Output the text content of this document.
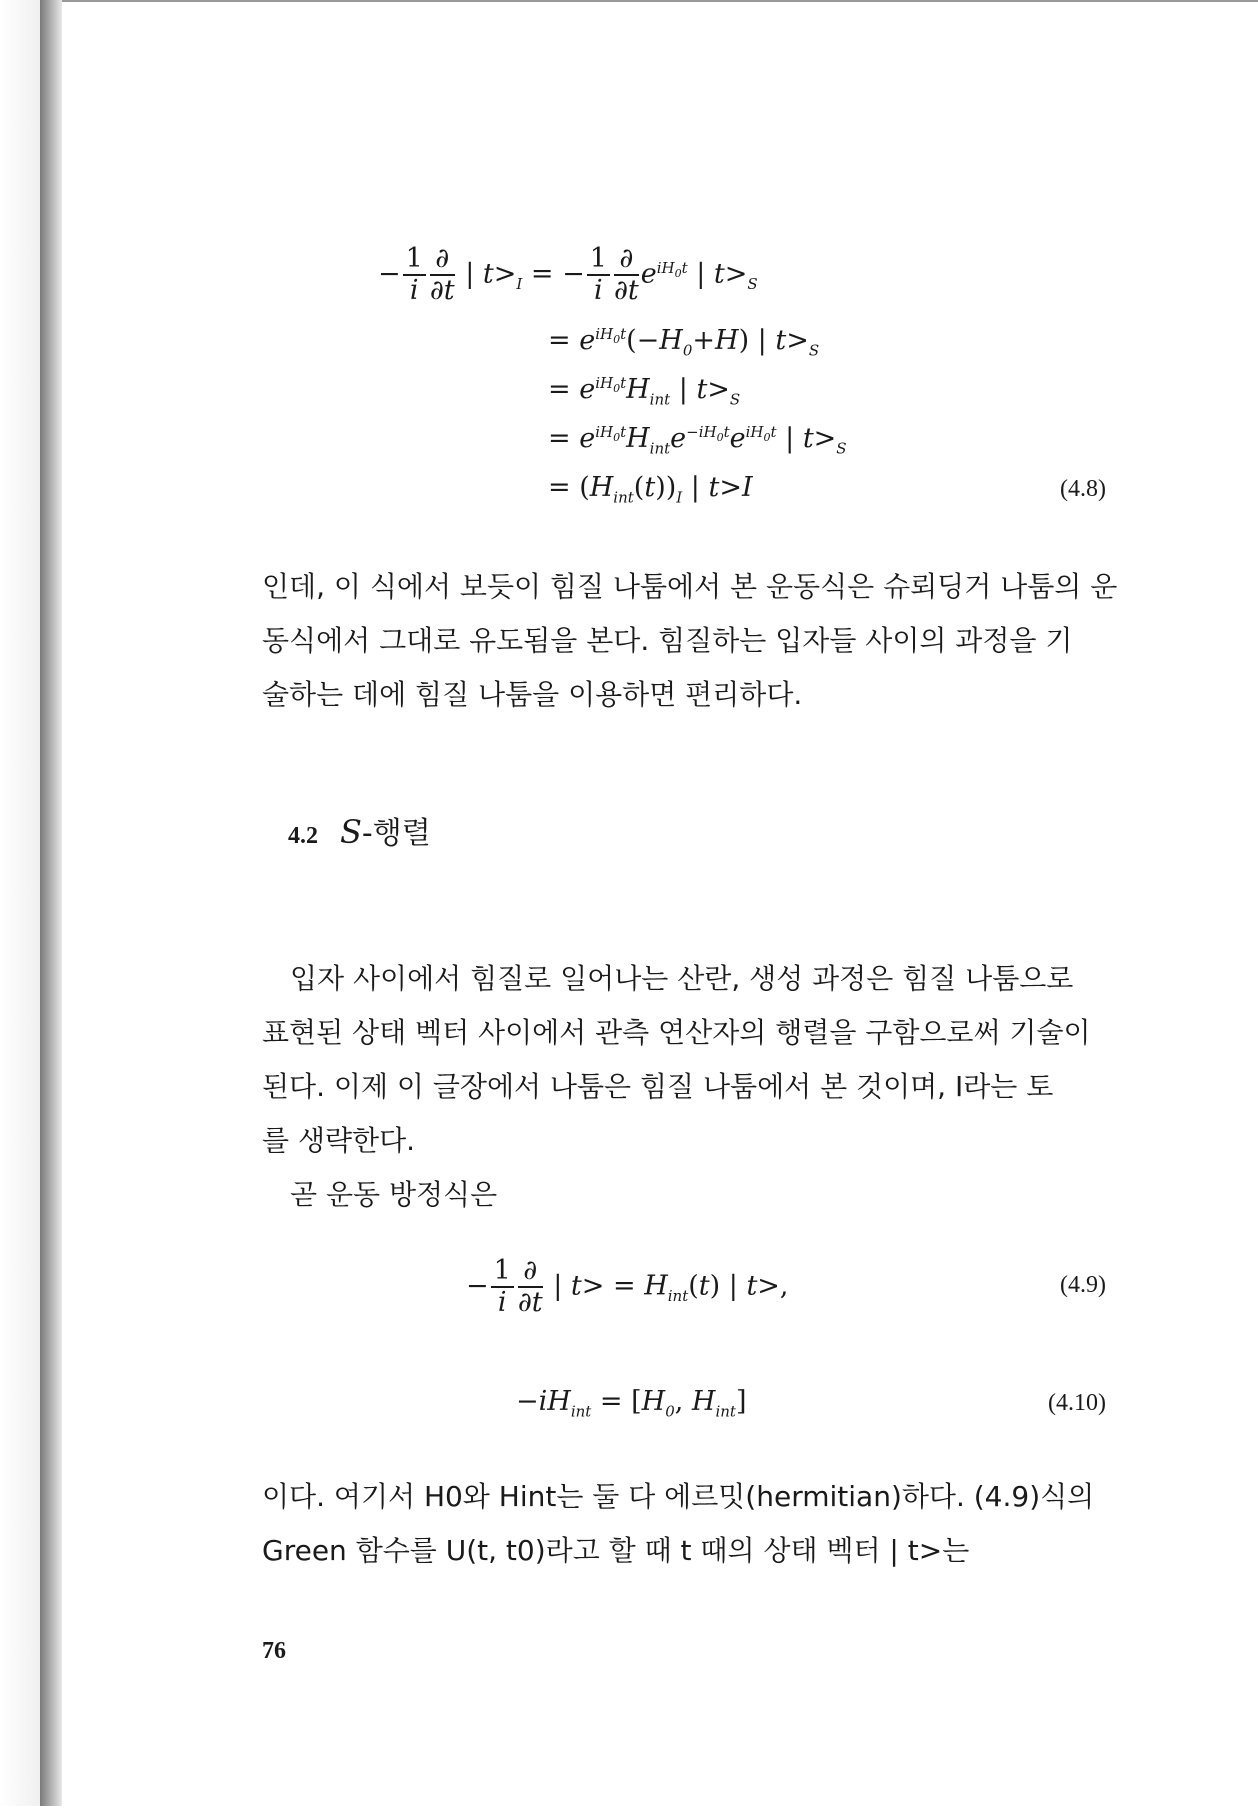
− $\frac{1}{i} \frac{\partial}{\partial t}$ | $t>_I$ = − $\frac{1}{i} \frac{\partial}{\partial t} e^{iH_0t}$ | $t>_S$
= $e^{iH_0t}(-H_0+H)$ | $t>_S$
= $e^{iH_0t}H_{int}$ | $t>_S$
= $e^{iH_0t}H_{int}e^{-iH_0t}e^{iH_0t}$ | $t>_S$
= $(H_{int}(t))_I$ | t>I	(4.8)
인데, 이 식에서 보듯이 힘질 나툼에서 본 운동식은 슈뢰딩거 나툼의 운
동식에서 그대로 유도됨을 본다. 힘질하는 입자들 사이의 과정을 기
술하는 데에 힘질 나툼을 이용하면 편리하다.
4.2 S-행렬
입자 사이에서 힘질로 일어나는 산란, 생성 과정은 힘질 나툼으로
표현된 상태 벡터 사이에서 관측 연산자의 행렬을 구함으로써 기술이
된다. 이제 이 글장에서 나툼은 힘질 나툼에서 본 것이며, I라는 토
를 생략한다.
곧 운동 방정식은
− $\frac{1}{i} \frac{\partial}{\partial t}$ | $t> = H_{int}(t)$ | t>,	(4.9)
$-iH_{int} = [H_0$, $H_{int}$]	(4.10)
이다. 여기서 H0와 Hint는 둘 다 에르밋(hermitian)하다. (4.9)식의
Green 함수를 U(t, t0)라고 할 때 t 때의 상태 벡터 | t>는
76
